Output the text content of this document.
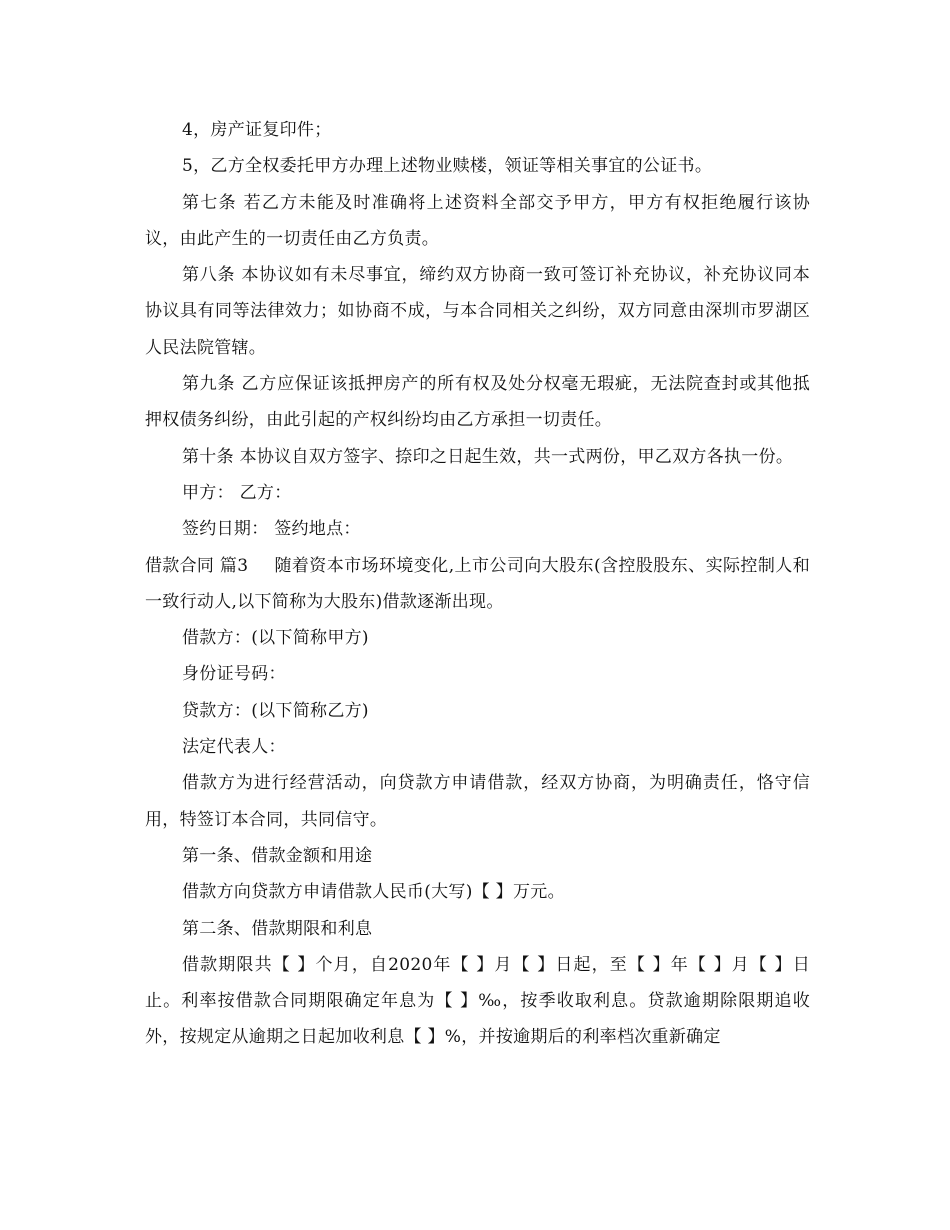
4，房产证复印件；

5，乙方全权委托甲方办理上述物业赎楼，领证等相关事宜的公证书。

第七条 若乙方未能及时准确将上述资料全部交予甲方，甲方有权拒绝履行该协议，由此产生的一切责任由乙方负责。

第八条 本协议如有未尽事宜，缔约双方协商一致可签订补充协议，补充协议同本协议具有同等法律效力；如协商不成，与本合同相关之纠纷，双方同意由深圳市罗湖区人民法院管辖。

第九条 乙方应保证该抵押房产的所有权及处分权毫无瑕疵，无法院查封或其他抵押权债务纠纷，由此引起的产权纠纷均由乙方承担一切责任。

第十条 本协议自双方签字、捺印之日起生效，共一式两份，甲乙双方各执一份。

甲方： 乙方：

签约日期： 签约地点：

借款合同 篇3 随着资本市场环境变化,上市公司向大股东(含控股股东、实际控制人和一致行动人,以下简称为大股东)借款逐渐出现。

借款方：(以下简称甲方)

身份证号码：

贷款方：(以下简称乙方)

法定代表人：

借款方为进行经营活动，向贷款方申请借款，经双方协商，为明确责任，恪守信用，特签订本合同，共同信守。

第一条、借款金额和用途

借款方向贷款方申请借款人民币(大写)【 】万元。

第二条、借款期限和利息

借款期限共【 】个月，自2020年【 】月【 】日起，至【 】年【 】月【 】日止。利率按借款合同期限确定年息为【 】‰，按季收取利息。贷款逾期除限期追收外，按规定从逾期之日起加收利息【 】%，并按逾期后的利率档次重新确定
